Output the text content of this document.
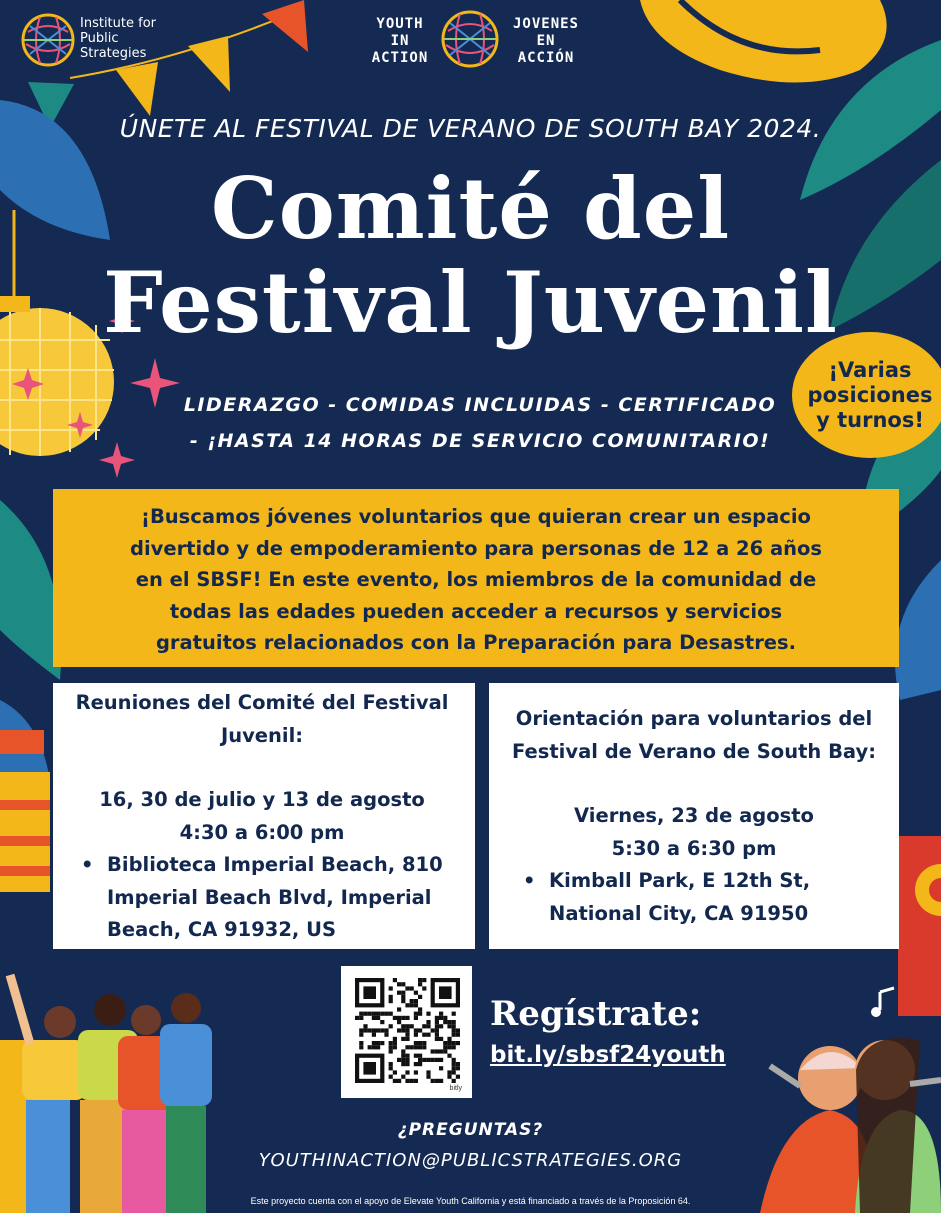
Institute for
Public
Strategies
YOUTH
IN
ACTION
JOVENES
EN
ACCIÓN
ÚNETE AL FESTIVAL DE VERANO DE SOUTH BAY 2024.
Comité del
Festival Juvenil
LIDERAZGO - COMIDAS INCLUIDAS - CERTIFICADO
- ¡HASTA 14 HORAS DE SERVICIO COMUNITARIO!
¡Varias
posiciones
y turnos!
¡Buscamos jóvenes voluntarios que quieran crear un espacio
divertido y de empoderamiento para personas de 12 a 26 años
en el SBSF! En este evento, los miembros de la comunidad de
todas las edades pueden acceder a recursos y servicios
gratuitos relacionados con la Preparación para Desastres.
Reuniones del Comité del Festival
Juvenil:
16, 30 de julio y 13 de agosto
4:30 a 6:00 pm
•  Biblioteca Imperial Beach, 810 Imperial Beach Blvd, Imperial Beach, CA 91932, US
Orientación para voluntarios del
Festival de Verano de South Bay:
Viernes, 23 de agosto
5:30 a 6:30 pm
•  Kimball Park, E 12th St, National City, CA 91950
bitly
Regístrate:
bit.ly/sbsf24youth
¿PREGUNTAS?
YOUTHINACTION@PUBLICSTRATEGIES.ORG
Este proyecto cuenta con el apoyo de Elevate Youth California y está financiado a través de la Proposición 64.
